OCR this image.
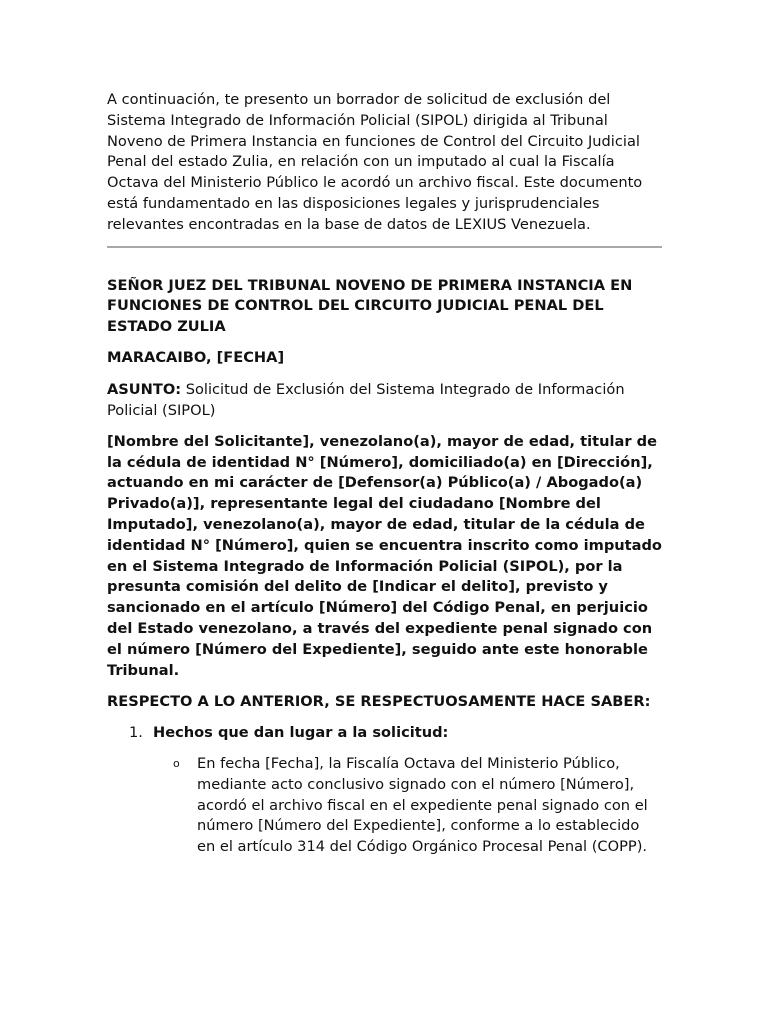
A continuación, te presento un borrador de solicitud de exclusión del Sistema Integrado de Información Policial (SIPOL) dirigida al Tribunal Noveno de Primera Instancia en funciones de Control del Circuito Judicial Penal del estado Zulia, en relación con un imputado al cual la Fiscalía Octava del Ministerio Público le acordó un archivo fiscal. Este documento está fundamentado en las disposiciones legales y jurisprudenciales relevantes encontradas en la base de datos de LEXIUS Venezuela.

SEÑOR JUEZ DEL TRIBUNAL NOVENO DE PRIMERA INSTANCIA EN FUNCIONES DE CONTROL DEL CIRCUITO JUDICIAL PENAL DEL ESTADO ZULIA

MARACAIBO, [FECHA]

ASUNTO: Solicitud de Exclusión del Sistema Integrado de Información Policial (SIPOL)

[Nombre del Solicitante], venezolano(a), mayor de edad, titular de la cédula de identidad N° [Número], domiciliado(a) en [Dirección], actuando en mi carácter de [Defensor(a) Público(a) / Abogado(a) Privado(a)], representante legal del ciudadano [Nombre del Imputado], venezolano(a), mayor de edad, titular de la cédula de identidad N° [Número], quien se encuentra inscrito como imputado en el Sistema Integrado de Información Policial (SIPOL), por la presunta comisión del delito de [Indicar el delito], previsto y sancionado en el artículo [Número] del Código Penal, en perjuicio del Estado venezolano, a través del expediente penal signado con el número [Número del Expediente], seguido ante este honorable Tribunal.

RESPECTO A LO ANTERIOR, SE RESPECTUOSAMENTE HACE SABER:

1. Hechos que dan lugar a la solicitud:
o	En fecha [Fecha], la Fiscalía Octava del Ministerio Público, mediante acto conclusivo signado con el número [Número], acordó el archivo fiscal en el expediente penal signado con el número [Número del Expediente], conforme a lo establecido en el artículo 314 del Código Orgánico Procesal Penal (COPP).
